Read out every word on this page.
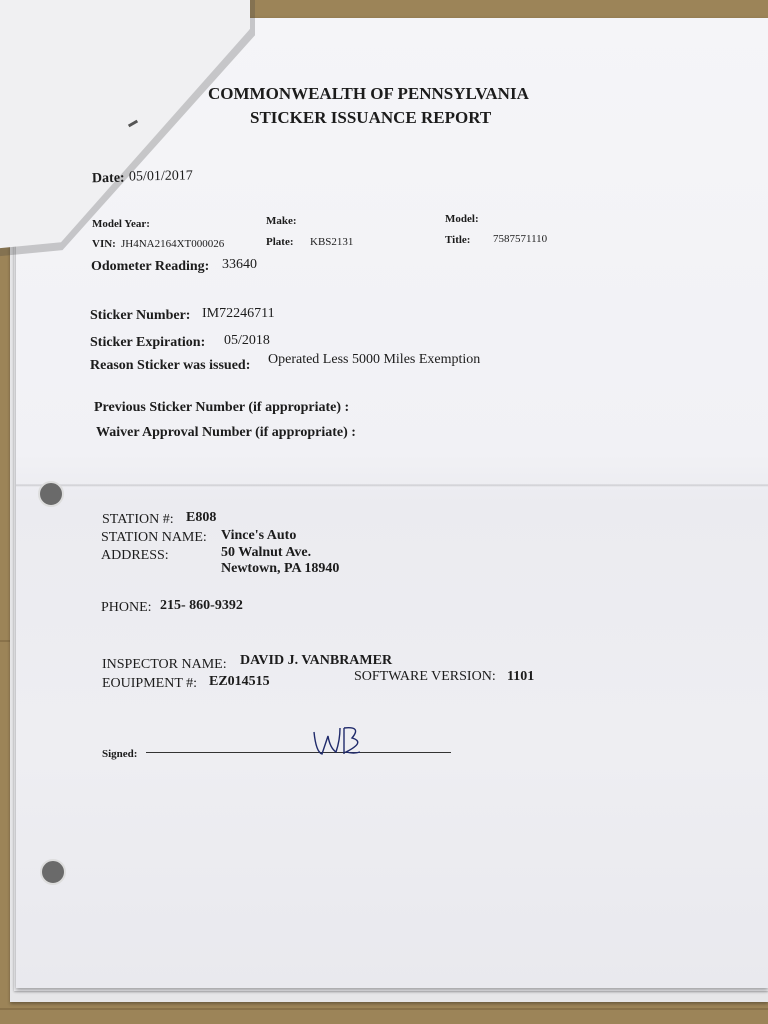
COMMONWEALTH OF PENNSYLVANIA
STICKER ISSUANCE REPORT
Date: 05/01/2017
Model Year:	Make:	Model:
VIN: JH4NA2164XT000026	Plate: KBS2131	Title: 7587571110
Odometer Reading: 33640
Sticker Number: IM72246711
Sticker Expiration: 05/2018
Reason Sticker was issued: Operated Less 5000 Miles Exemption
Previous Sticker Number (if appropriate) :
Waiver Approval Number (if appropriate) :
STATION #: E808
STATION NAME: Vince's Auto
ADDRESS:	50 Walnut Ave.
Newtown, PA 18940
PHONE: 215- 860-9392
INSPECTOR NAME: DAVID J. VANBRAMER
EOUIPMENT #: EZ014515	SOFTWARE VERSION: 1101
Signed:
